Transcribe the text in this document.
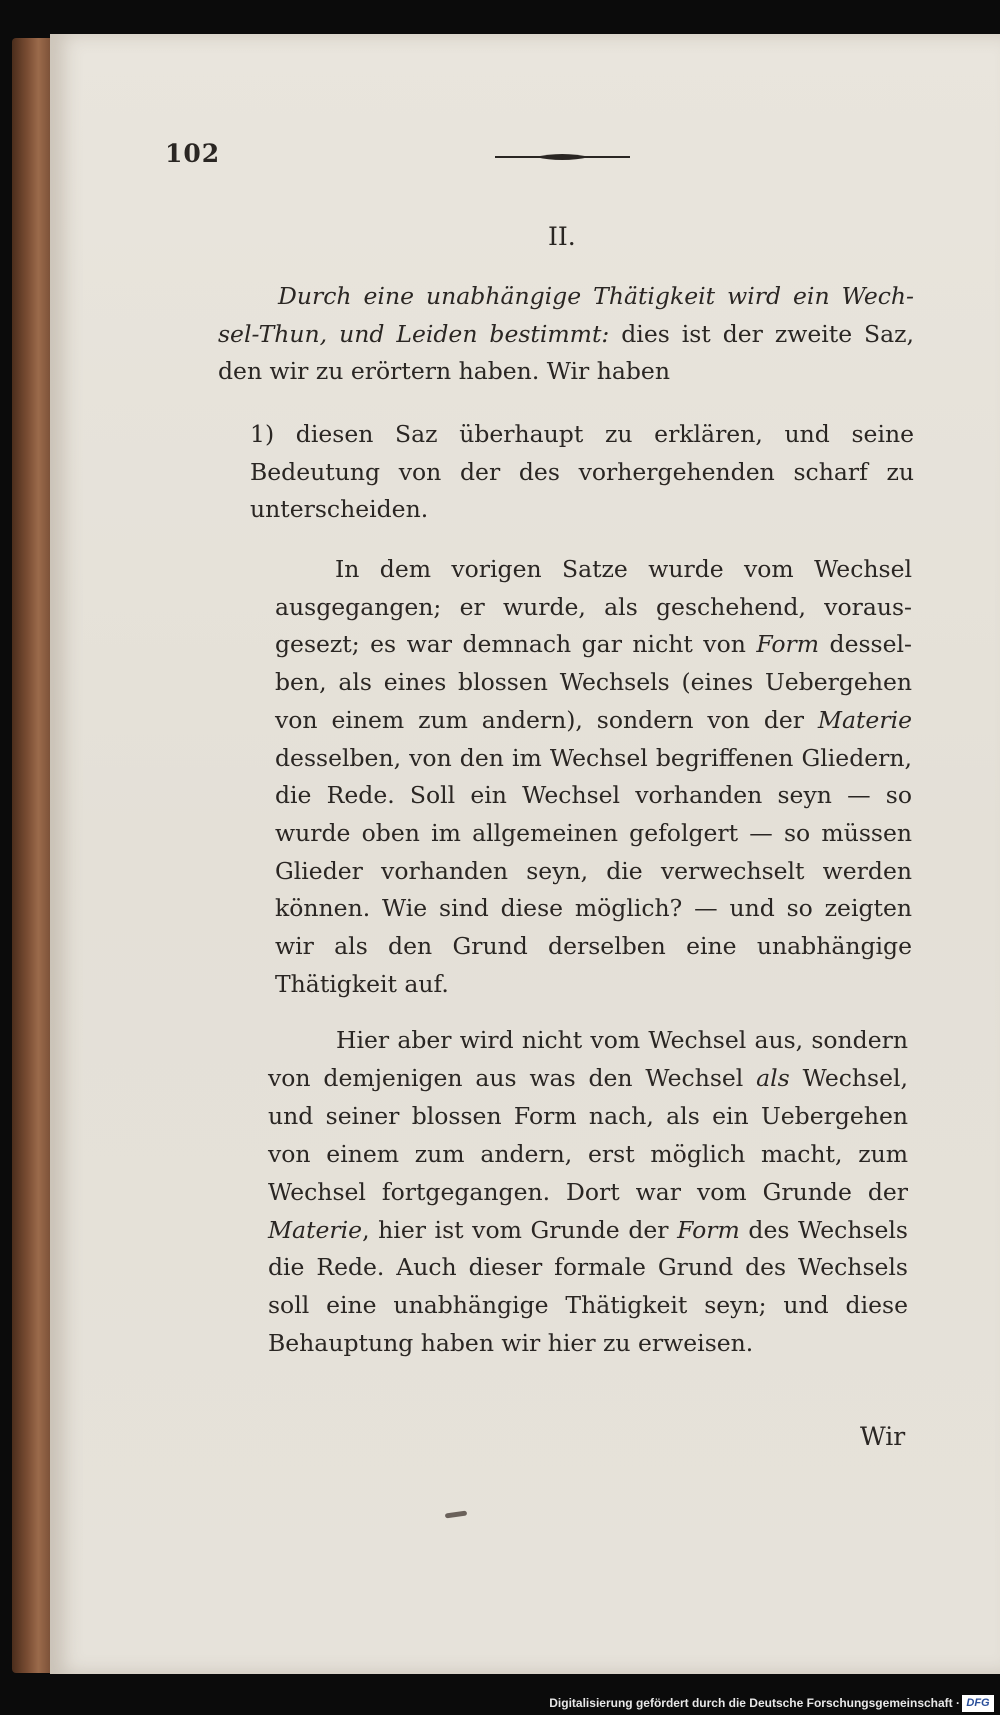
102
II.

Durch eine unabhängige Thätigkeit wird ein Wechsel-Thun, und Leiden bestimmt: dies ist der zweite Saz, den wir zu erörtern haben. Wir haben

1) diesen Saz überhaupt zu erklären, und seine Bedeutung von der des vorhergehenden scharf zu unterscheiden.

In dem vorigen Satze wurde vom Wechsel ausgegangen; er wurde, als geschehend, vorausgesezt; es war demnach gar nicht von Form desselben, als eines blossen Wechsels (eines Uebergehen von einem zum andern), sondern von der Materie desselben, von den im Wechsel begriffenen Gliedern, die Rede. Soll ein Wechsel vorhanden seyn — so wurde oben im allgemeinen gefolgert — so müssen Glieder vorhanden seyn, die verwechselt werden können. Wie sind diese möglich? — und so zeigten wir als den Grund derselben eine unabhängige Thätigkeit auf.

Hier aber wird nicht vom Wechsel aus, sondern von demjenigen aus was den Wechsel als Wechsel, und seiner blossen Form nach, als ein Uebergehen von einem zum andern, erst möglich macht, zum Wechsel fortgegangen. Dort war vom Grunde der Materie, hier ist vom Grunde der Form des Wechsels die Rede. Auch dieser formale Grund des Wechsels soll eine unabhängige Thätigkeit seyn; und diese Behauptung haben wir hier zu erweisen.

Wir
Digitalisierung gefördert durch die Deutsche Forschungsgemeinschaft · DFG
